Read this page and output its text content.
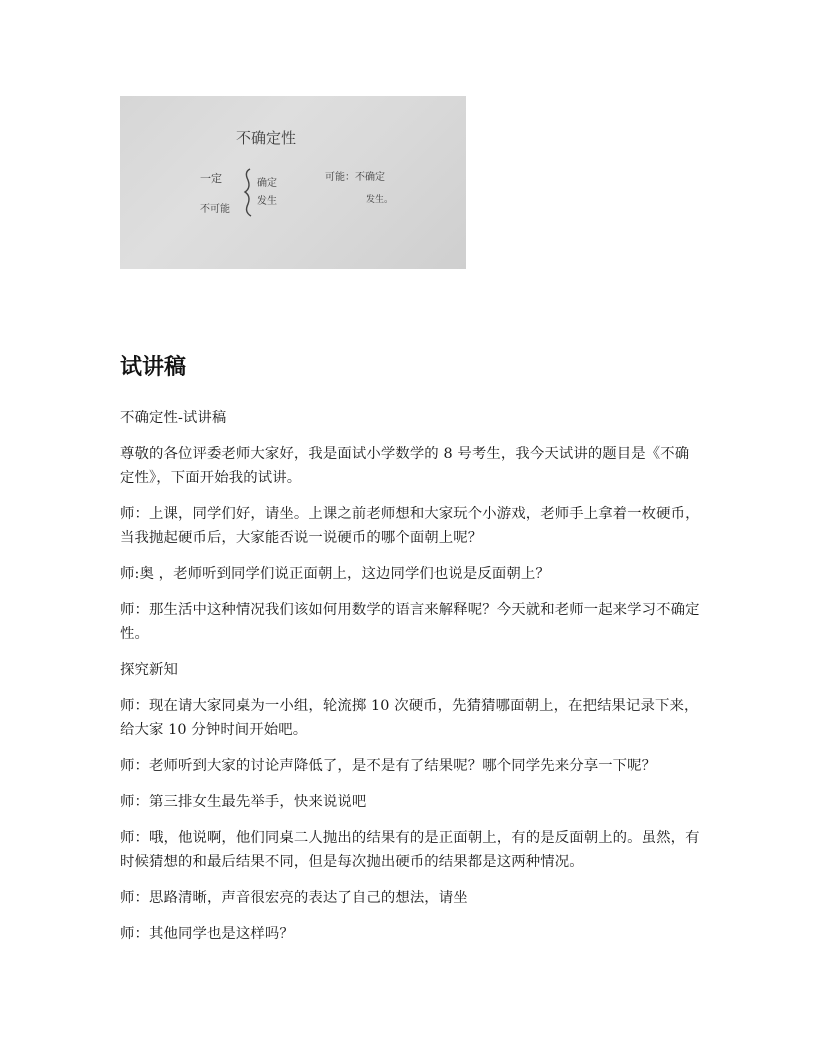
不确定性
一定
不可能
确定
发生
可能：不确定
发生。
试讲稿

不确定性-试讲稿

尊敬的各位评委老师大家好，我是面试小学数学的 8 号考生，我今天试讲的题目是《不确定性》，下面开始我的试讲。

师：上课，同学们好，请坐。上课之前老师想和大家玩个小游戏，老师手上拿着一枚硬币，当我抛起硬币后，大家能否说一说硬币的哪个面朝上呢？

师:奥 ，老师听到同学们说正面朝上，这边同学们也说是反面朝上？

师：那生活中这种情况我们该如何用数学的语言来解释呢？今天就和老师一起来学习不确定性。

探究新知

师：现在请大家同桌为一小组，轮流掷 10 次硬币，先猜猜哪面朝上，在把结果记录下来，给大家 10 分钟时间开始吧。

师：老师听到大家的讨论声降低了，是不是有了结果呢？哪个同学先来分享一下呢？

师：第三排女生最先举手，快来说说吧

师：哦，他说啊，他们同桌二人抛出的结果有的是正面朝上，有的是反面朝上的。虽然，有时候猜想的和最后结果不同，但是每次抛出硬币的结果都是这两种情况。

师：思路清晰，声音很宏亮的表达了自己的想法，请坐

师：其他同学也是这样吗？
